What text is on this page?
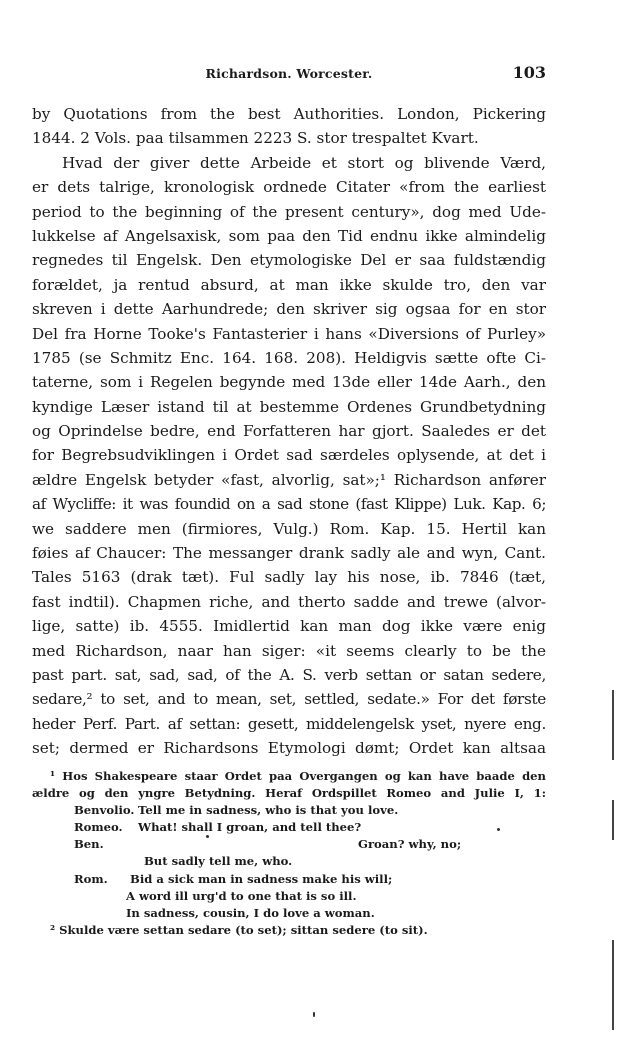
Richardson. Worcester.	103
by Quotations from the best Authorities. London, Pickering
1844. 2 Vols. paa tilsammen 2223 S. stor trespaltet Kvart.
Hvad der giver dette Arbeide et stort og blivende Værd,
er dets talrige, kronologisk ordnede Citater «from the earliest
period to the beginning of the present century», dog med Ude-
lukkelse af Angelsaxisk, som paa den Tid endnu ikke almindelig
regnedes til Engelsk. Den etymologiske Del er saa fuldstændig
forældet, ja rentud absurd, at man ikke skulde tro, den var
skreven i dette Aarhundrede; den skriver sig ogsaa for en stor
Del fra Horne Tooke's Fantasterier i hans «Diversions of Purley»
1785 (se Schmitz Enc. 164. 168. 208). Heldigvis sætte ofte Ci-
taterne, som i Regelen begynde med 13de eller 14de Aarh., den
kyndige Læser istand til at bestemme Ordenes Grundbetydning
og Oprindelse bedre, end Forfatteren har gjort. Saaledes er det
for Begrebsudviklingen i Ordet sad særdeles oplysende, at det i
ældre Engelsk betyder «fast, alvorlig, sat»;¹ Richardson anfører
af Wycliffe: it was foundid on a sad stone (fast Klippe) Luk. Kap. 6;
we saddere men (firmiores, Vulg.) Rom. Kap. 15. Hertil kan
føies af Chaucer: The messanger drank sadly ale and wyn, Cant.
Tales 5163 (drak tæt). Ful sadly lay his nose, ib. 7846 (tæt,
fast indtil). Chapmen riche, and therto sadde and trewe (alvor-
lige, satte) ib. 4555. Imidlertid kan man dog ikke være enig
med Richardson, naar han siger: «it seems clearly to be the
past part. sat, sad, sad, of the A. S. verb settan or satan sedere,
sedare,² to set, and to mean, set, settled, sedate.» For det første
heder Perf. Part. af settan: gesett, middelengelsk yset, nyere eng.
set; dermed er Richardsons Etymologi dømt; Ordet kan altsaa
¹ Hos Shakespeare staar Ordet paa Overgangen og kan have baade den
ældre og den yngre Betydning. Heraf Ordspillet Romeo and Julie I, 1:
Benvolio. Tell me in sadness, who is that you love.
Romeo. What! shall I groan, and tell thee?
Ben.	Groan? why, no;
But sadly tell me, who.
Rom. Bid a sick man in sadness make his will;
A word ill urg'd to one that is so ill.
In sadness, cousin, I do love a woman.
² Skulde være settan sedare (to set); sittan sedere (to sit).
